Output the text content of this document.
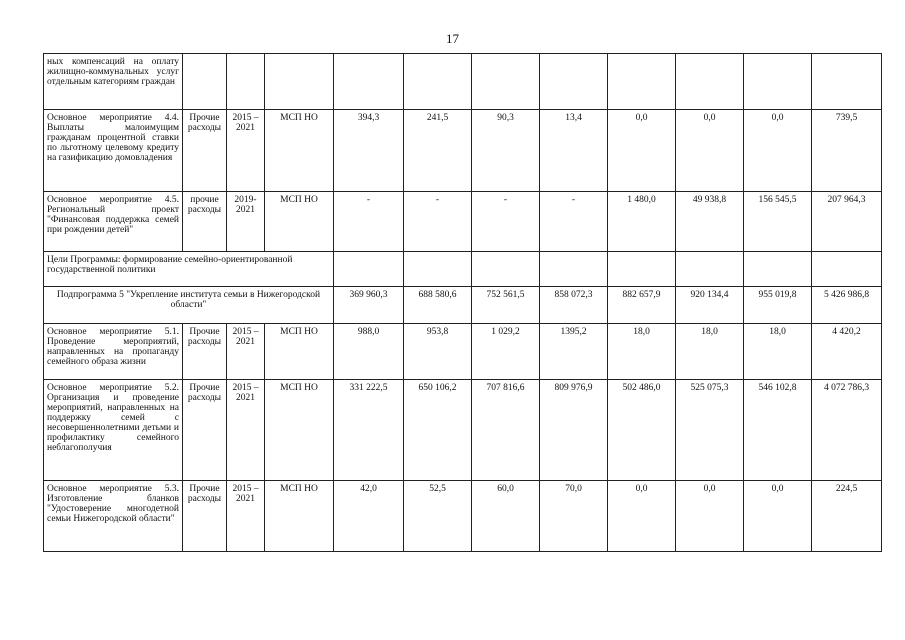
17
ных компенсаций на оплату жилищно-коммунальных услуг отдельным категориям граждан											
Основное мероприятие 4.4. Выплаты малоимущим гражданам процентной ставки по льготному целевому кредиту на газификацию домовладения	Прочие расходы	2015 – 2021	МСП НО	394,3	241,5	90,3	13,4	0,0	0,0	0,0	739,5
Основное мероприятие 4.5. Региональный проект "Финансовая поддержка семей при рождении детей"	прочие расходы	2019-2021	МСП НО	-	-	-	-	1 480,0	49 938,8	156 545,5	207 964,3
Цели Программы: формирование семейно-ориентированной государственной политики											
Подпрограмма 5 "Укрепление института семьи в Нижегородской области"				369 960,3	688 580,6	752 561,5	858 072,3	882 657,9	920 134,4	955 019,8	5 426 986,8
Основное мероприятие 5.1. Проведение мероприятий, направленных на пропаганду семейного образа жизни	Прочие расходы	2015 – 2021	МСП НО	988,0	953,8	1 029,2	1395,2	18,0	18,0	18,0	4 420,2
Основное мероприятие 5.2. Организация и проведение мероприятий, направленных на поддержку семей с несовершеннолетними детьми и профилактику семейного неблагополучия	Прочие расходы	2015 – 2021	МСП НО	331 222,5	650 106,2	707 816,6	809 976,9	502 486,0	525 075,3	546 102,8	4 072 786,3
Основное мероприятие 5.3. Изготовление бланков "Удостоверение многодетной семьи Нижегородской области"	Прочие расходы	2015 – 2021	МСП НО	42,0	52,5	60,0	70,0	0,0	0,0	0,0	224,5
